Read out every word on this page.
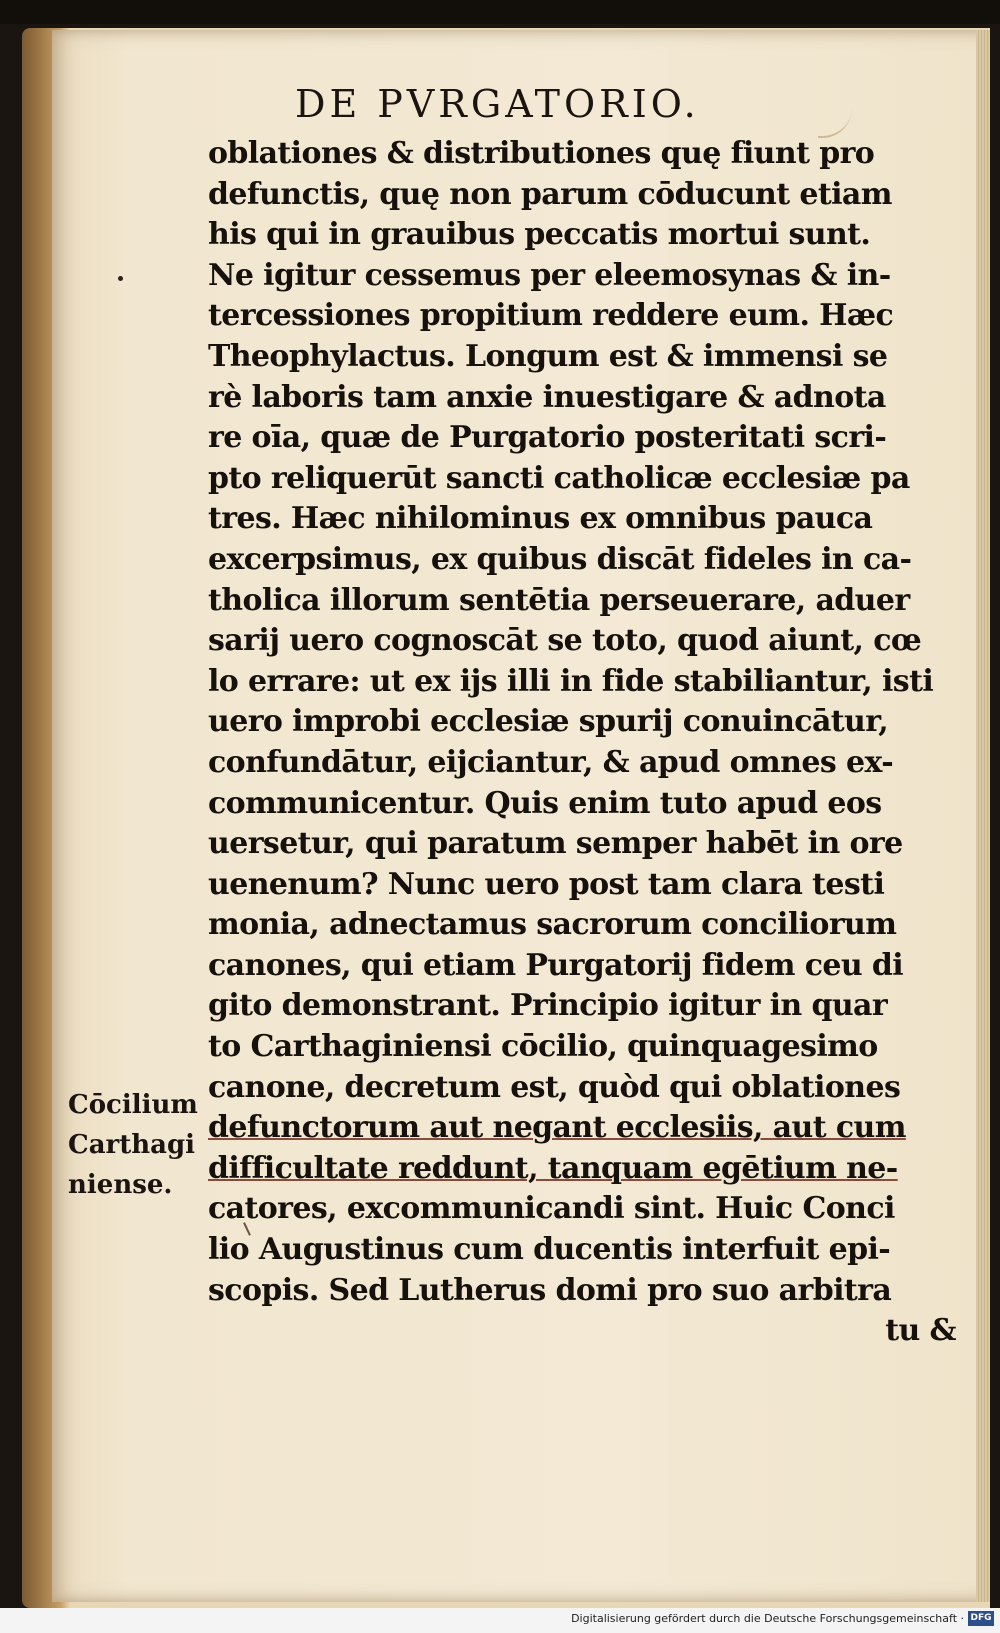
DE PVRGATORIO.
oblationes & distributiones quę fiunt pro
defunctis, quę non parum cōducunt etiam
his qui in grauibus peccatis mortui sunt.
Ne igitur cessemus per eleemosynas & in-
tercessiones propitium reddere eum. Hæc
Theophylactus. Longum est & immensi se
rè laboris tam anxie inuestigare & adnota
re oīa, quæ de Purgatorio posteritati scri-
pto reliquerūt sancti catholicæ ecclesiæ pa
tres. Hæc nihilominus ex omnibus pauca
excerpsimus, ex quibus discāt fideles in ca-
tholica illorum sentētia perseuerare, aduer
sarij uero cognoscāt se toto, quod aiunt, cœ
lo errare: ut ex ijs illi in fide stabiliantur, isti
uero improbi ecclesiæ spurij conuincātur,
confundātur, eijciantur, & apud omnes ex-
communicentur. Quis enim tuto apud eos
uersetur, qui paratum semper habēt in ore
uenenum? Nunc uero post tam clara testi
monia, adnectamus sacrorum conciliorum
canones, qui etiam Purgatorij fidem ceu di
gito demonstrant. Principio igitur in quar
to Carthaginiensi cōcilio, quinquagesimo
canone, decretum est, quòd qui oblationes
defunctorum aut negant ecclesiis, aut cum
difficultate reddunt, tanquam egētium ne-
catores, excommunicandi sint. Huic Conci
lio Augustinus cum ducentis interfuit epi-
scopis. Sed Lutherus domi pro suo arbitra
tu &
Cōcilium
Carthagi
niense.
Digitalisierung gefördert durch die Deutsche Forschungsgemeinschaft · DFG
